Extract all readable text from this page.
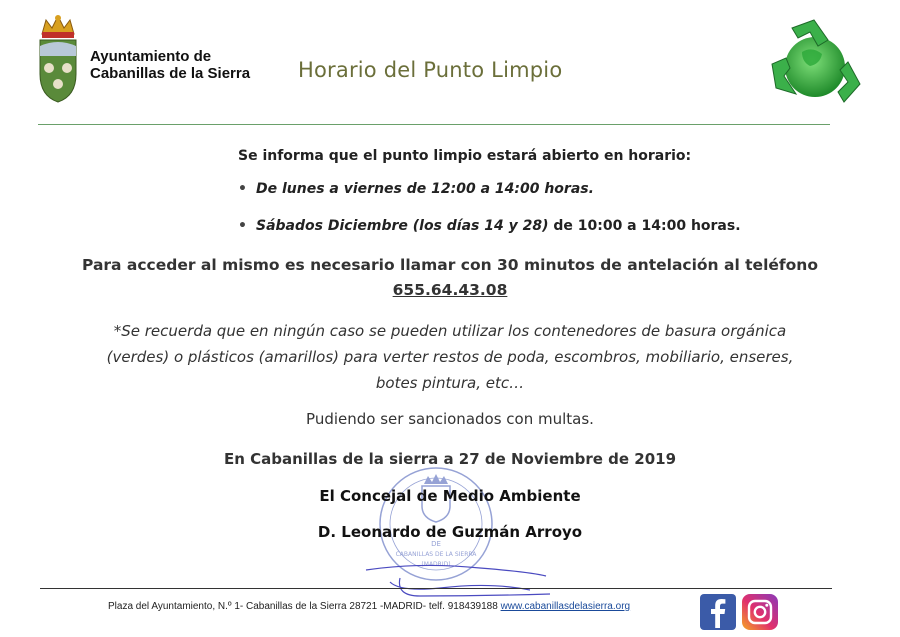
Ayuntamiento de
Cabanillas de la Sierra Horario del Punto Limpio
Se informa que el punto limpio estará abierto en horario:
• De lunes a viernes de 12:00 a 14:00 horas.
• Sábados Diciembre (los días 14 y 28) de 10:00 a 14:00 horas.
Para acceder al mismo es necesario llamar con 30 minutos de antelación al teléfono
655.64.43.08
*Se recuerda que en ningún caso se pueden utilizar los contenedores de basura orgánica
(verdes) o plásticos (amarillos) para verter restos de poda, escombros, mobiliario, enseres,
botes pintura, etc…
Pudiendo ser sancionados con multas.
En Cabanillas de la sierra a 27 de Noviembre de 2019
DE
CABANILLAS DE LA SIERRA
(MADRID)
El Concejal de Medio Ambiente
D. Leonardo de Guzmán Arroyo
Plaza del Ayuntamiento, N.º 1- Cabanillas de la Sierra 28721 -MADRID- telf. 918439188 www.cabanillasdelasierra.org
